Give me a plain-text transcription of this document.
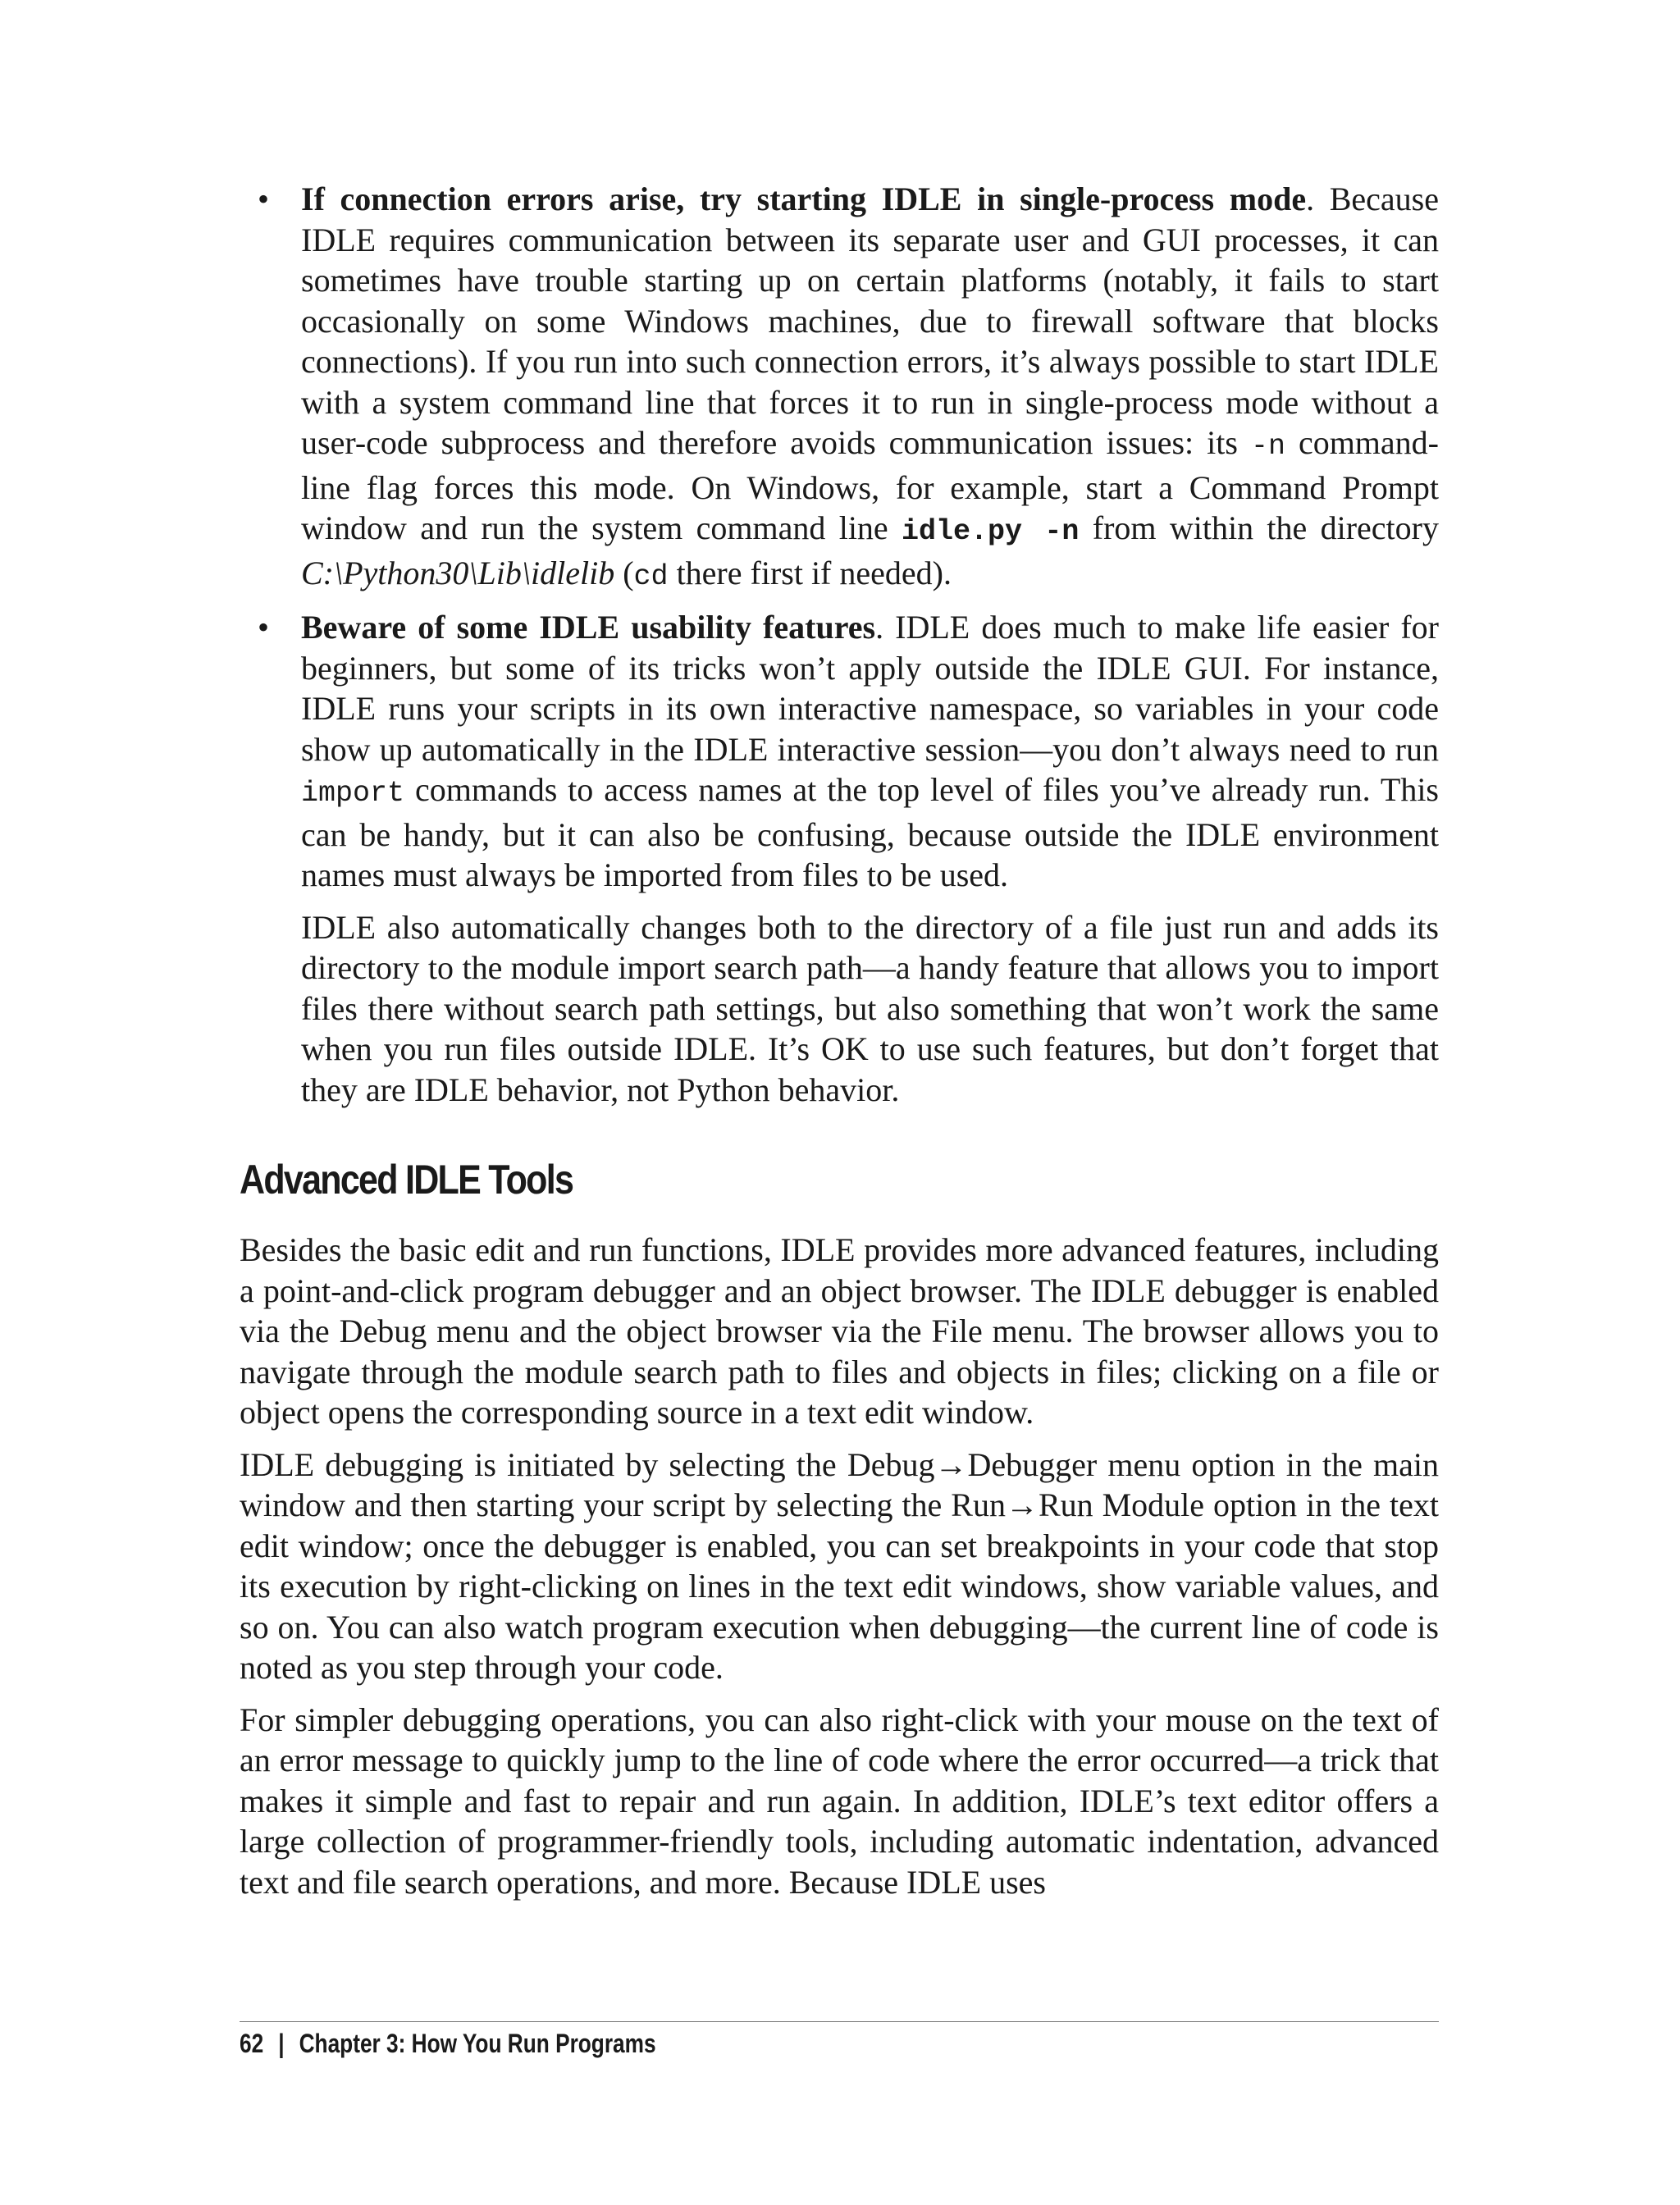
• If connection errors arise, try starting IDLE in single-process mode. Because IDLE requires communication between its separate user and GUI processes, it can sometimes have trouble starting up on certain platforms (notably, it fails to start occasionally on some Windows machines, due to firewall software that blocks connections). If you run into such connection errors, it’s always possible to start IDLE with a system command line that forces it to run in single-process mode without a user-code subprocess and therefore avoids communication issues: its -n command-line flag forces this mode. On Windows, for example, start a Command Prompt window and run the system command line idle.py -n from within the directory C:\Python30\Lib\idlelib (cd there first if needed).
• Beware of some IDLE usability features. IDLE does much to make life easier for beginners, but some of its tricks won’t apply outside the IDLE GUI. For instance, IDLE runs your scripts in its own interactive namespace, so variables in your code show up automatically in the IDLE interactive session—you don’t always need to run import commands to access names at the top level of files you’ve already run. This can be handy, but it can also be confusing, because outside the IDLE environment names must always be imported from files to be used.

IDLE also automatically changes both to the directory of a file just run and adds its directory to the module import search path—a handy feature that allows you to import files there without search path settings, but also something that won’t work the same when you run files outside IDLE. It’s OK to use such features, but don’t forget that they are IDLE behavior, not Python behavior.

Advanced IDLE Tools

Besides the basic edit and run functions, IDLE provides more advanced features, including a point-and-click program debugger and an object browser. The IDLE debugger is enabled via the Debug menu and the object browser via the File menu. The browser allows you to navigate through the module search path to files and objects in files; clicking on a file or object opens the corresponding source in a text edit window.

IDLE debugging is initiated by selecting the Debug→Debugger menu option in the main window and then starting your script by selecting the Run→Run Module option in the text edit window; once the debugger is enabled, you can set breakpoints in your code that stop its execution by right-clicking on lines in the text edit windows, show variable values, and so on. You can also watch program execution when debugging—the current line of code is noted as you step through your code.

For simpler debugging operations, you can also right-click with your mouse on the text of an error message to quickly jump to the line of code where the error occurred—a trick that makes it simple and fast to repair and run again. In addition, IDLE’s text editor offers a large collection of programmer-friendly tools, including automatic indentation, advanced text and file search operations, and more. Because IDLE uses

62 | Chapter 3: How You Run Programs
